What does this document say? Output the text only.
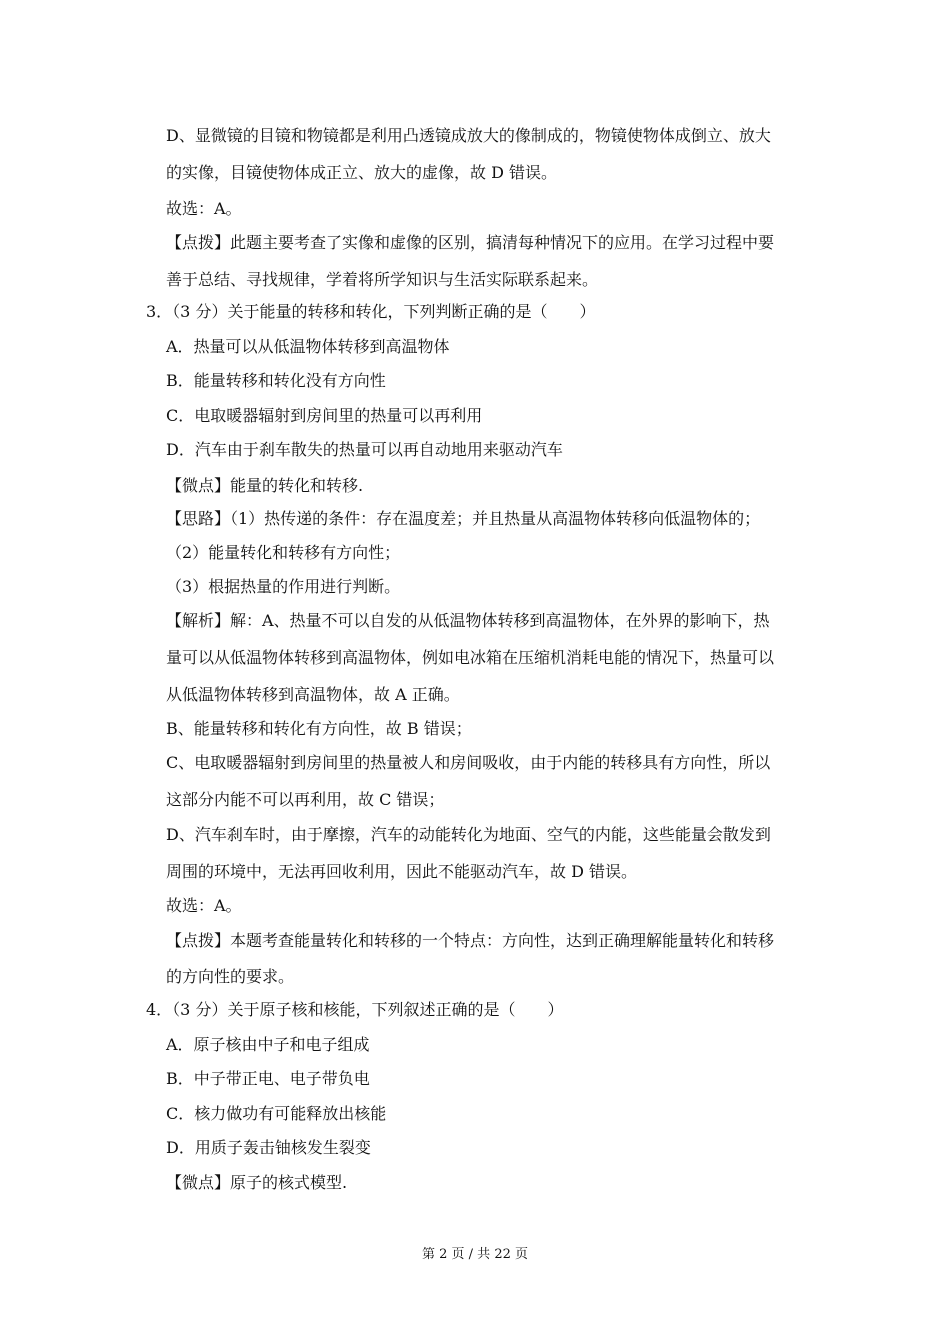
D、显微镜的目镜和物镜都是利用凸透镜成放大的像制成的，物镜使物体成倒立、放大

的实像，目镜使物体成正立、放大的虚像，故 D 错误。

故选：A。

【点拨】此题主要考查了实像和虚像的区别，搞清每种情况下的应用。在学习过程中要

善于总结、寻找规律，学着将所学知识与生活实际联系起来。

3．（3 分）关于能量的转移和转化，下列判断正确的是（　　）

A．热量可以从低温物体转移到高温物体

B．能量转移和转化没有方向性

C．电取暖器辐射到房间里的热量可以再利用

D．汽车由于刹车散失的热量可以再自动地用来驱动汽车

【微点】能量的转化和转移.

【思路】（1）热传递的条件：存在温度差；并且热量从高温物体转移向低温物体的；

（2）能量转化和转移有方向性；

（3）根据热量的作用进行判断。

【解析】解：A、热量不可以自发的从低温物体转移到高温物体，在外界的影响下，热

量可以从低温物体转移到高温物体，例如电冰箱在压缩机消耗电能的情况下，热量可以

从低温物体转移到高温物体，故 A 正确。

B、能量转移和转化有方向性，故 B 错误；

C、电取暖器辐射到房间里的热量被人和房间吸收，由于内能的转移具有方向性，所以

这部分内能不可以再利用，故 C 错误；

D、汽车刹车时，由于摩擦，汽车的动能转化为地面、空气的内能，这些能量会散发到

周围的环境中，无法再回收利用，因此不能驱动汽车，故 D 错误。

故选：A。

【点拨】本题考查能量转化和转移的一个特点：方向性，达到正确理解能量转化和转移

的方向性的要求。

4．（3 分）关于原子核和核能，下列叙述正确的是（　　）

A．原子核由中子和电子组成

B．中子带正电、电子带负电

C．核力做功有可能释放出核能

D．用质子轰击铀核发生裂变

【微点】原子的核式模型.

第 2 页 / 共 22 页
